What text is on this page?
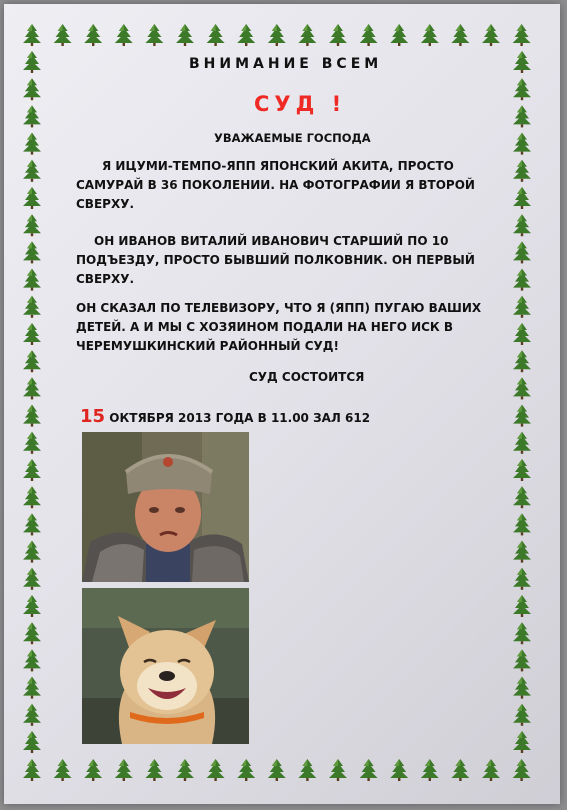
ВНИМАНИЕ ВСЕМ

СУД !

УВАЖАЕМЫЕ ГОСПОДА

Я ИЦУМИ-ТЕМПО-ЯПП ЯПОНСКИЙ АКИТА, ПРОСТО САМУРАЙ В 36 ПОКОЛЕНИИ. НА ФОТОГРАФИИ Я ВТОРОЙ СВЕРХУ.

ОН ИВАНОВ ВИТАЛИЙ ИВАНОВИЧ СТАРШИЙ ПО 10 ПОДЪЕЗДУ, ПРОСТО БЫВШИЙ ПОЛКОВНИК. ОН ПЕРВЫЙ СВЕРХУ.

ОН СКАЗАЛ ПО ТЕЛЕВИЗОРУ, ЧТО Я (ЯПП) ПУГАЮ ВАШИХ ДЕТЕЙ. А И МЫ С ХОЗЯИНОМ ПОДАЛИ НА НЕГО ИСК В ЧЕРЕМУШКИНСКИЙ РАЙОННЫЙ СУД!

СУД СОСТОИТСЯ

15 ОКТЯБРЯ 2013 ГОДА В 11.00 ЗАЛ 612
